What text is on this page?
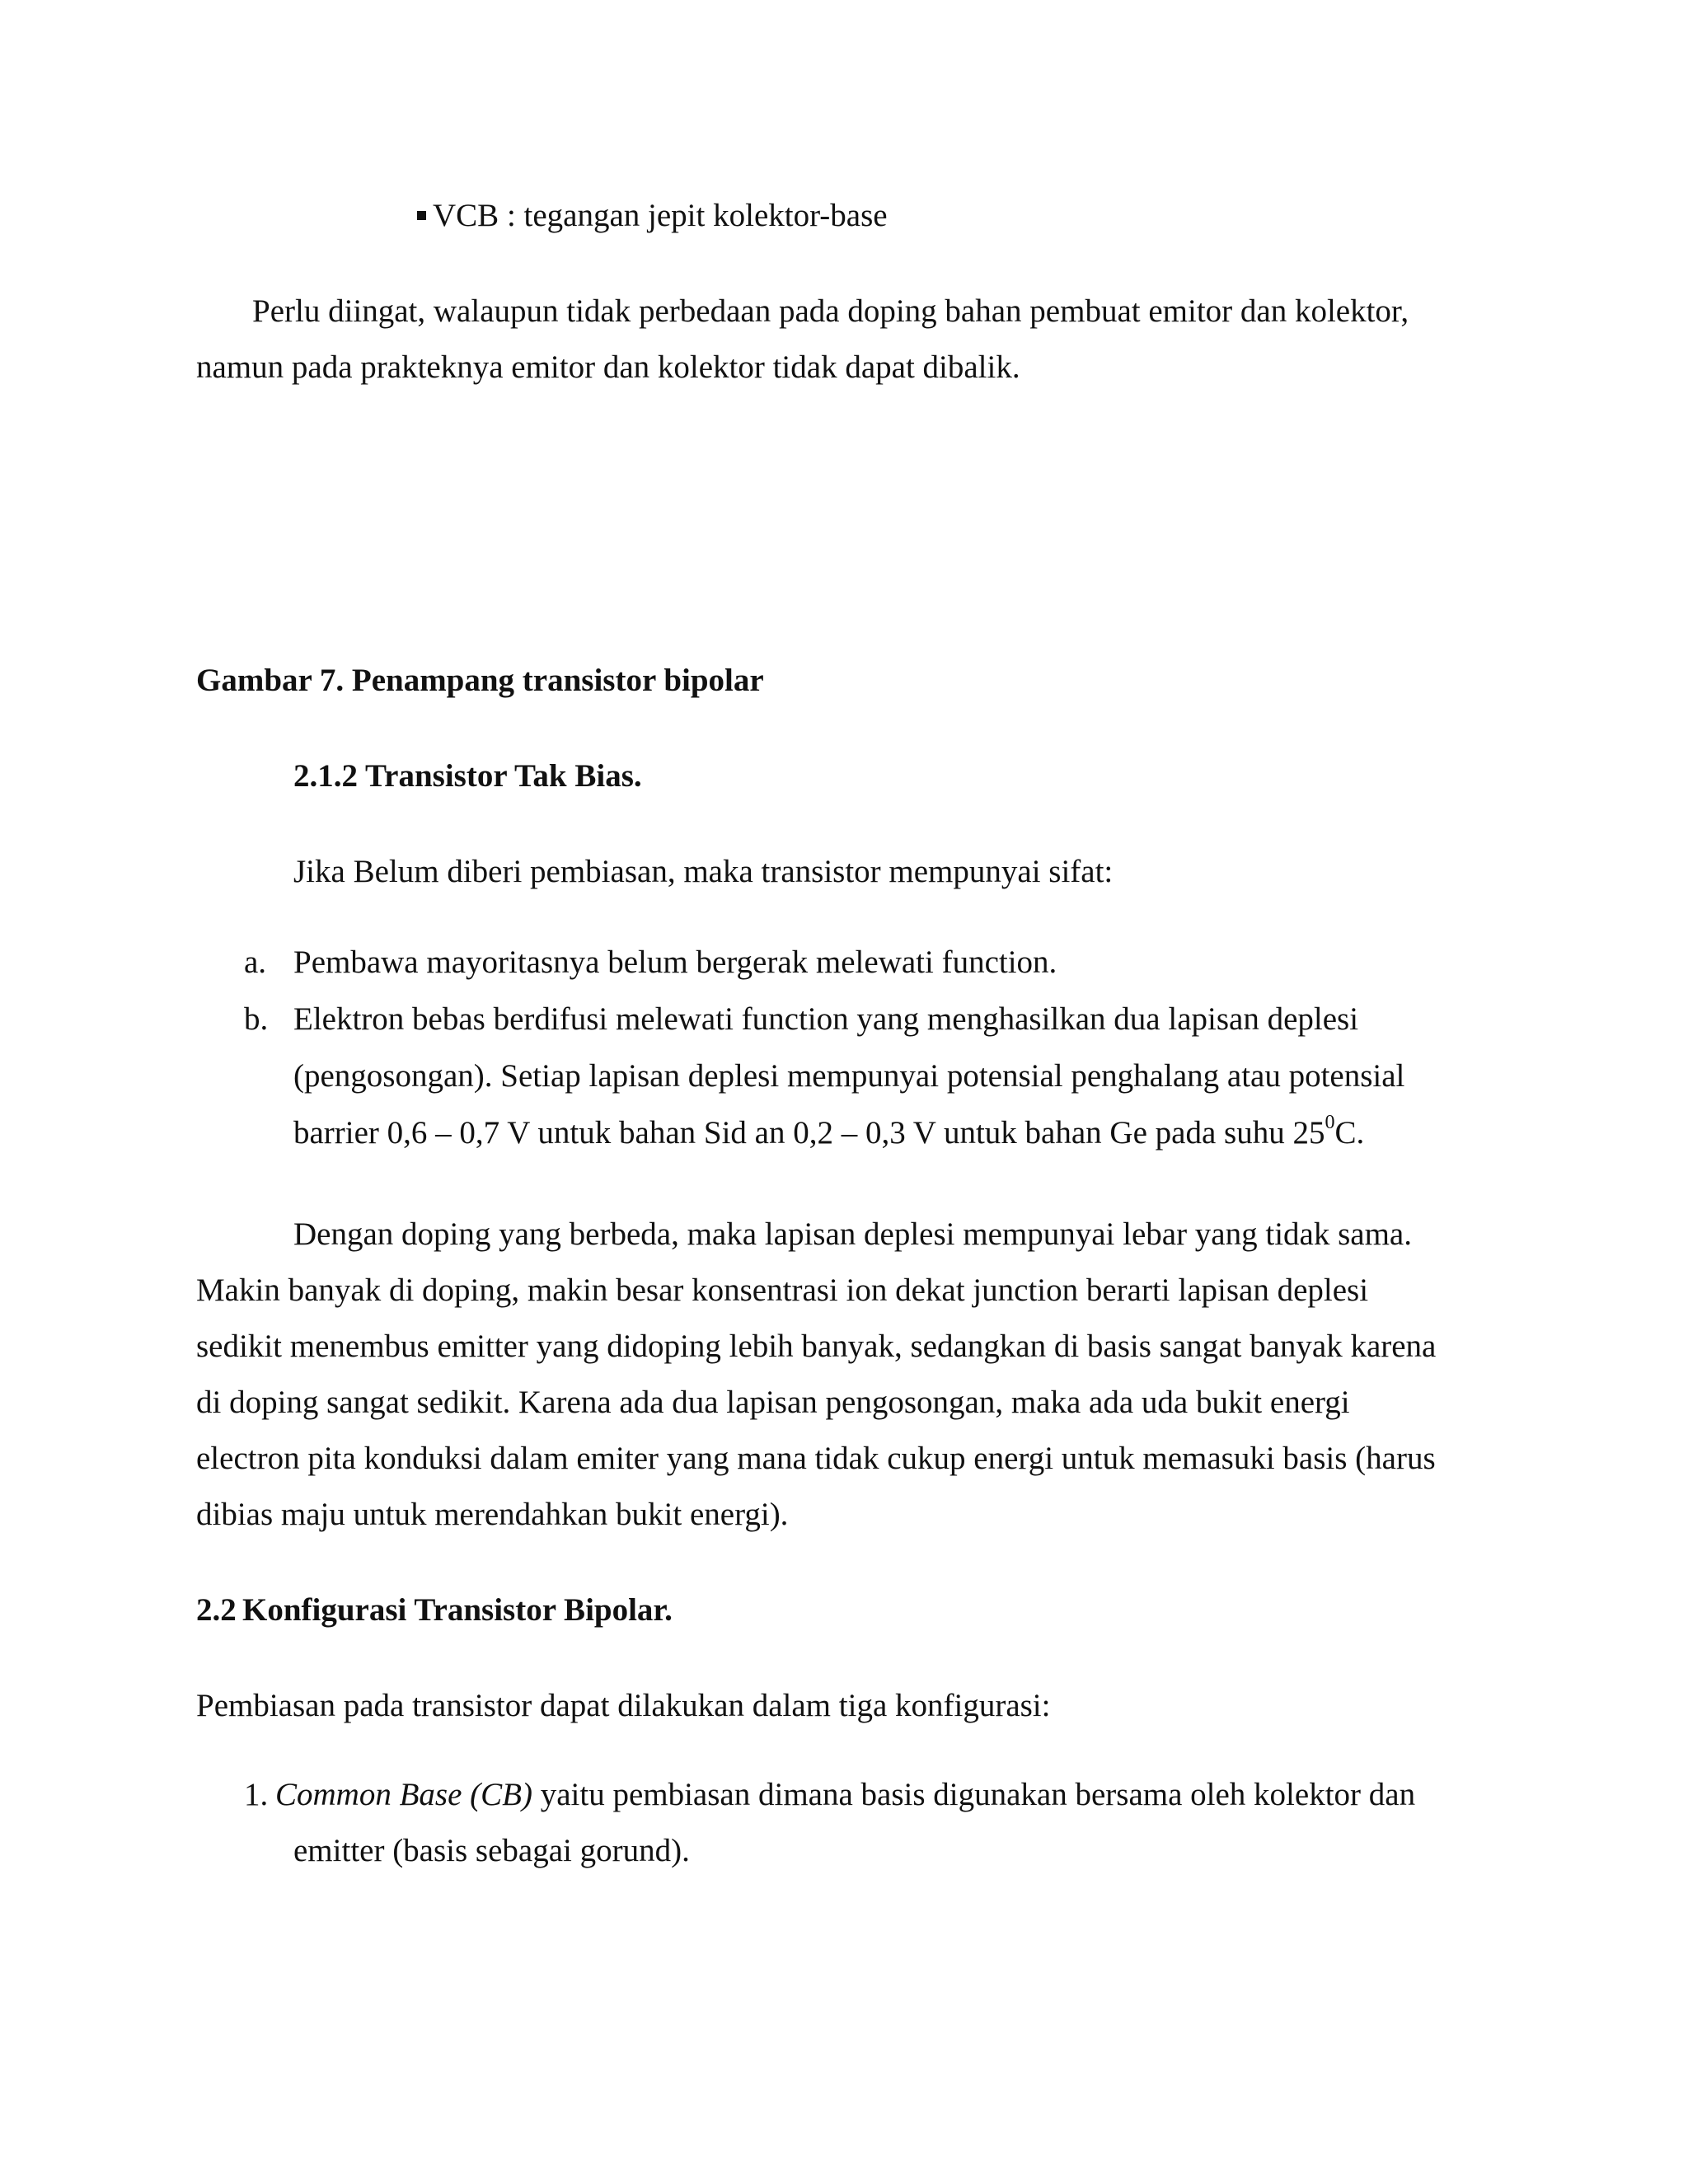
VCB : tegangan jepit kolektor-base
Perlu diingat, walaupun tidak perbedaan pada doping bahan pembuat emitor dan kolektor,
namun pada prakteknya emitor dan kolektor tidak dapat dibalik.
Gambar 7. Penampang transistor bipolar
2.1.2 Transistor Tak Bias.
Jika Belum diberi pembiasan, maka transistor mempunyai sifat:
a. Pembawa mayoritasnya belum bergerak melewati function.
b. Elektron bebas berdifusi melewati function yang menghasilkan dua lapisan deplesi
(pengosongan). Setiap lapisan deplesi mempunyai potensial penghalang atau potensial
barrier 0,6 – 0,7 V untuk bahan Sid an 0,2 – 0,3 V untuk bahan Ge pada suhu $25^0C$.
Dengan doping yang berbeda, maka lapisan deplesi mempunyai lebar yang tidak sama.
Makin banyak di doping, makin besar konsentrasi ion dekat junction berarti lapisan deplesi
sedikit menembus emitter yang didoping lebih banyak, sedangkan di basis sangat banyak karena
di doping sangat sedikit. Karena ada dua lapisan pengosongan, maka ada uda bukit energi
electron pita konduksi dalam emiter yang mana tidak cukup energi untuk memasuki basis (harus
dibias maju untuk merendahkan bukit energi).
2.2 Konfigurasi Transistor Bipolar.
Pembiasan pada transistor dapat dilakukan dalam tiga konfigurasi:
1. Common Base (CB) yaitu pembiasan dimana basis digunakan bersama oleh kolektor dan
emitter (basis sebagai gorund).
